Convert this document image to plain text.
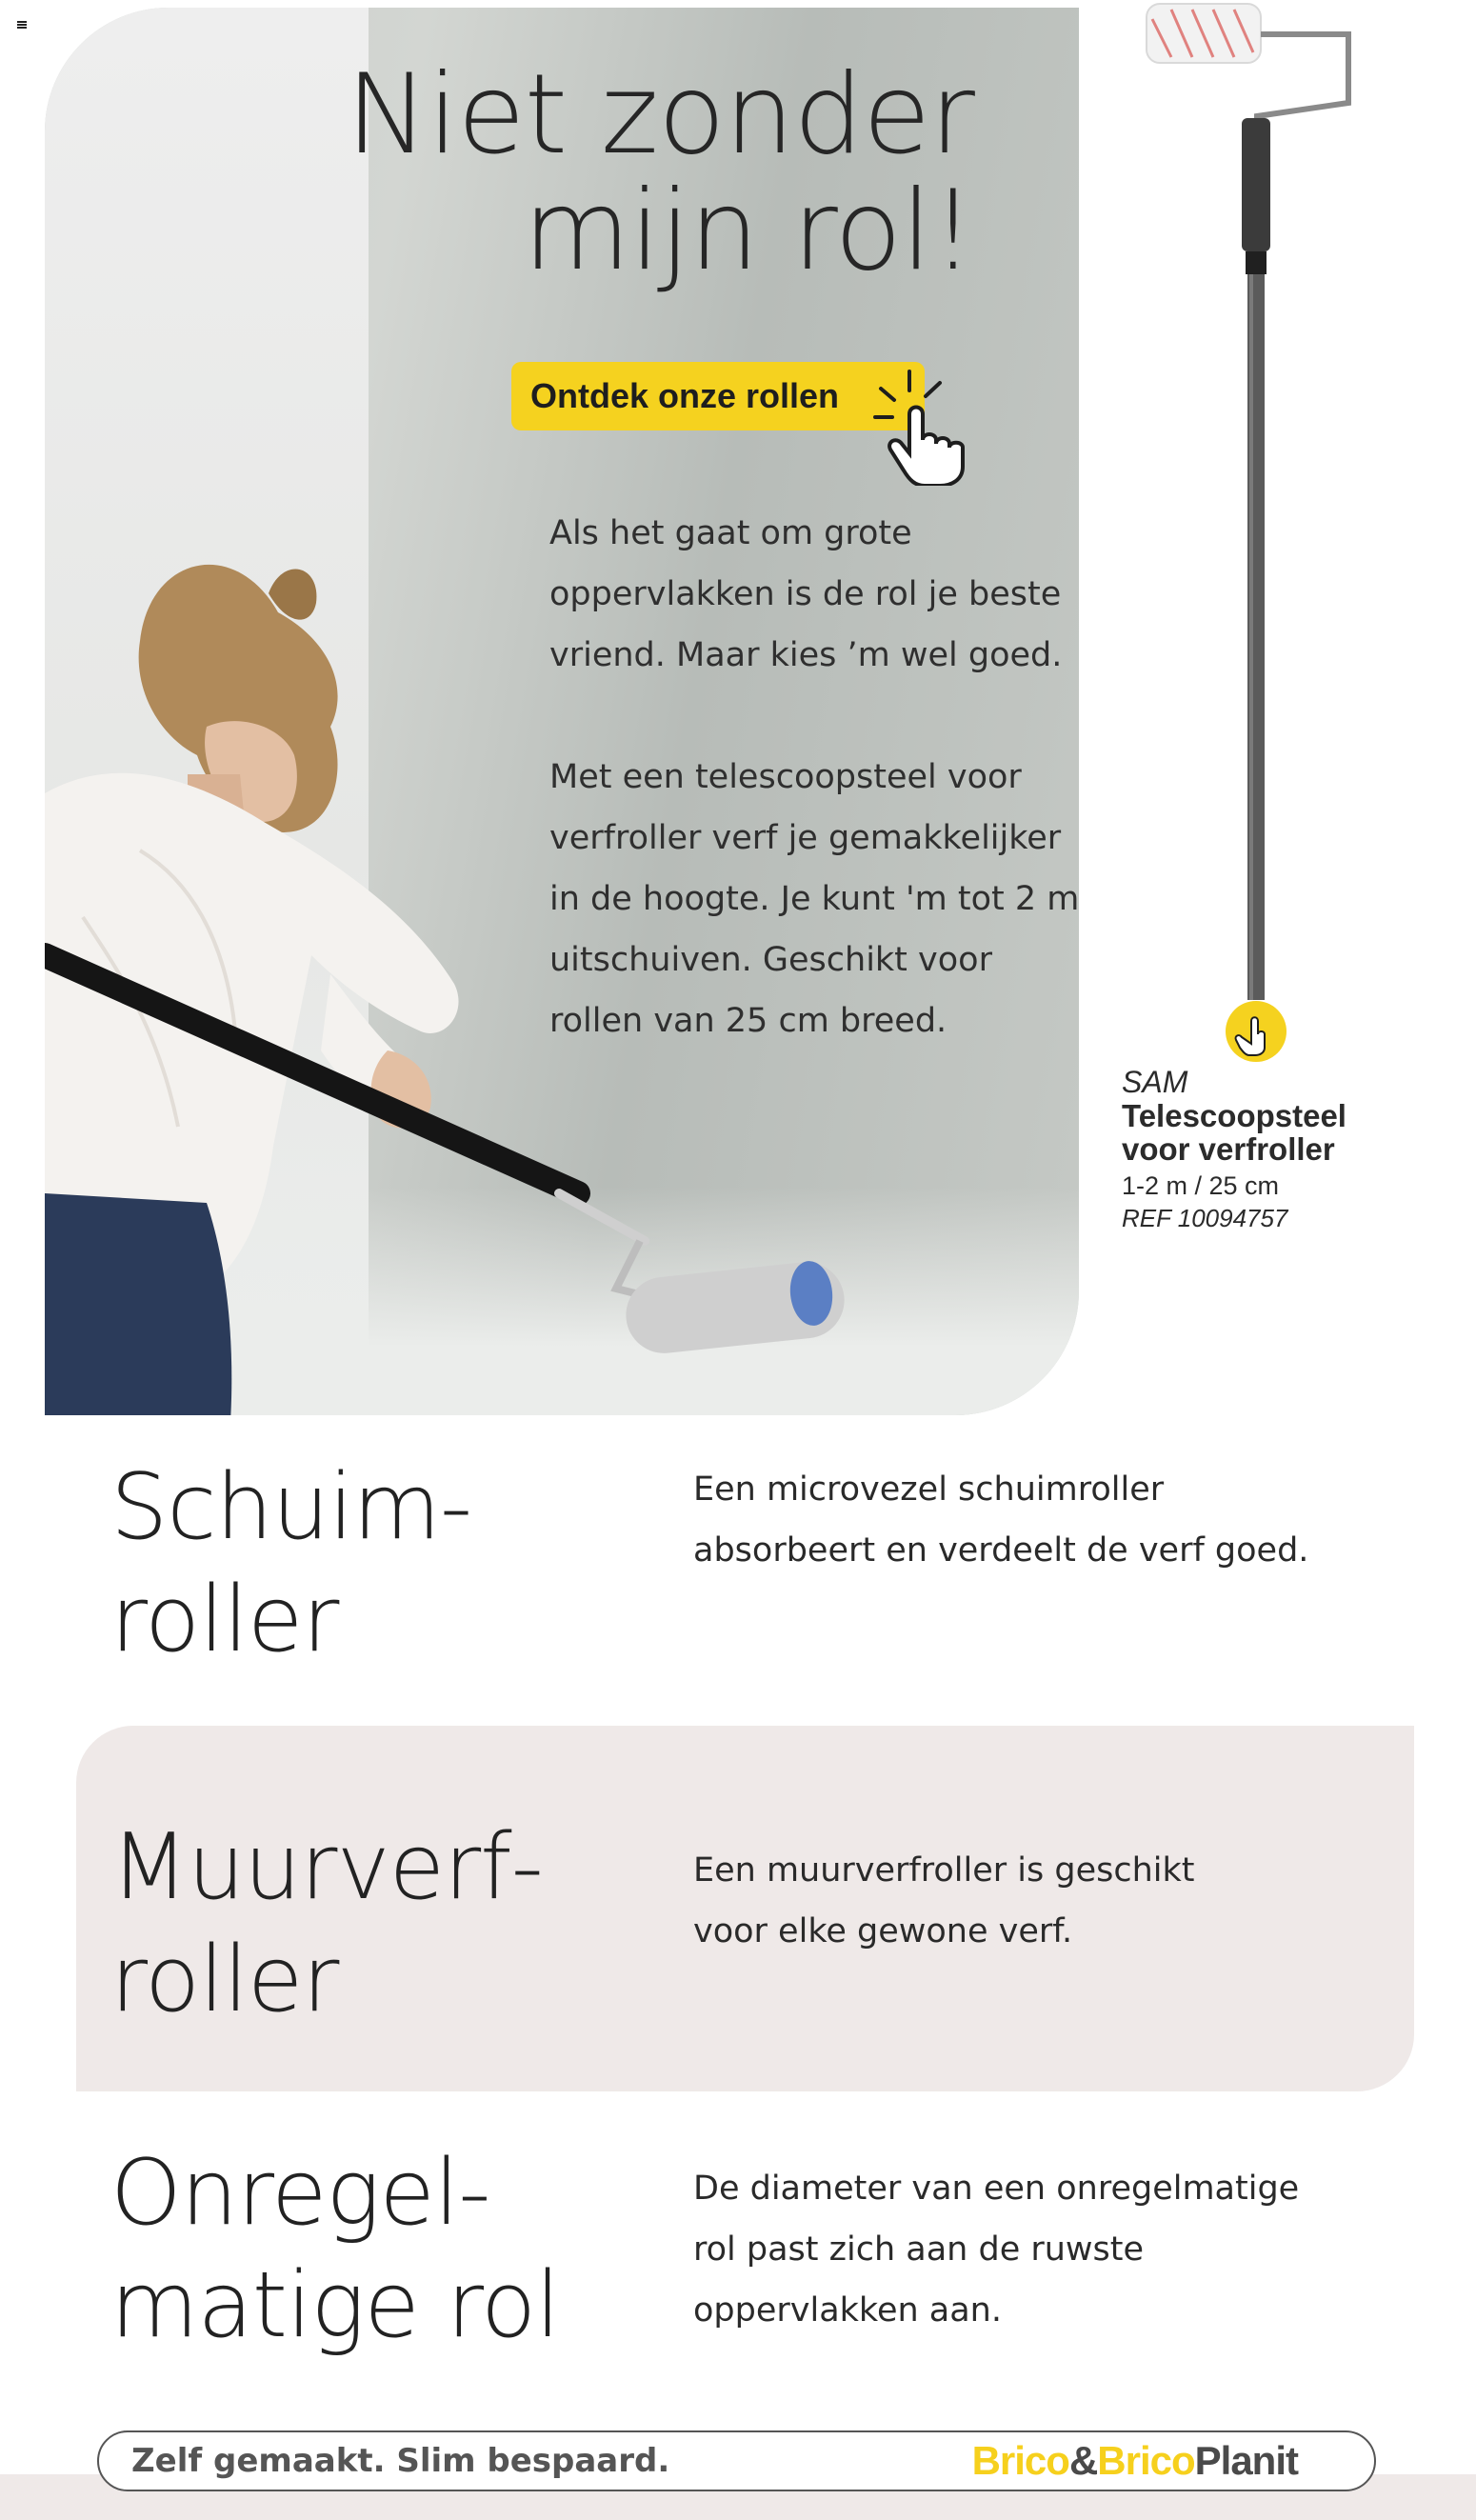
Niet zonder
mijn rol!
Ontdek onze rollen

Als het gaat om grote oppervlakken is de rol je beste vriend. Maar kies ’m wel goed.

Met een telescoopsteel voor verfroller verf je gemakkelijker in de hoogte. Je kunt 'm tot 2 m uitschuiven. Geschikt voor rollen van 25 cm breed.

SAM
Telescoopsteel
voor verfroller
1-2 m / 25 cm
REF 10094757
Schuim-
roller

Een microvezel schuimroller absorbeert en verdeelt de verf goed.

Muurverf-
roller

Een muurverfroller is geschikt voor elke gewone verf.

Onregel-
matige rol

De diameter van een onregelmatige rol past zich aan de ruwste oppervlakken aan.

Zelf gemaakt. Slim bespaard.	Brico&BricoPlanit
